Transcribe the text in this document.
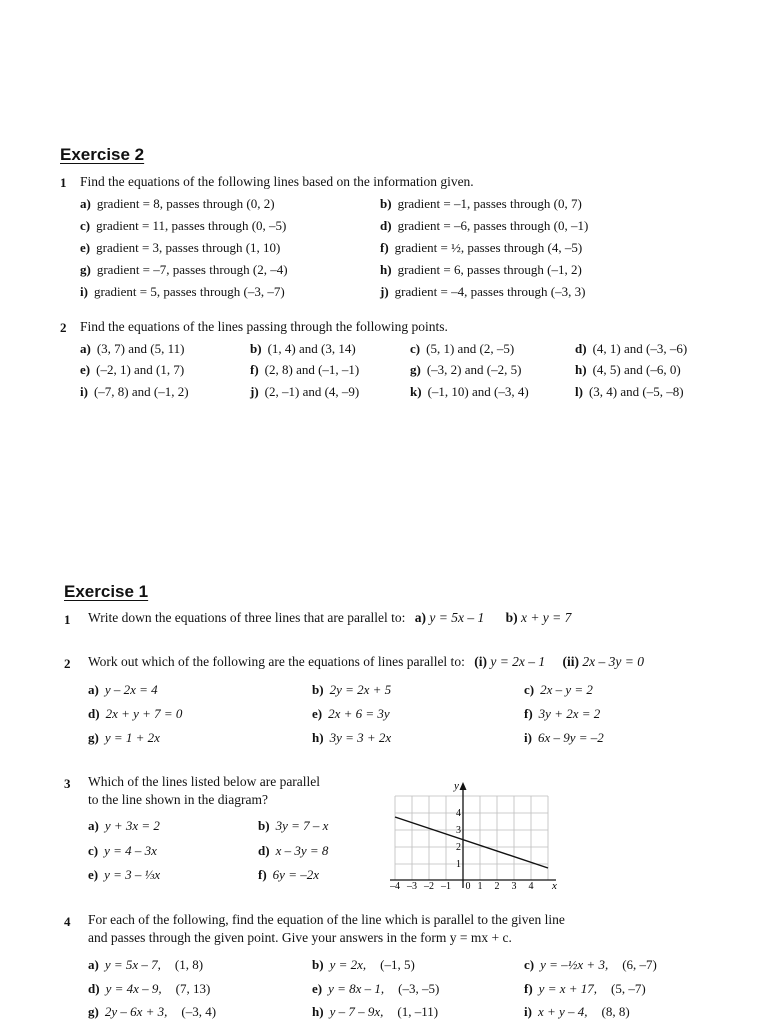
Exercise 2
1 Find the equations of the following lines based on the information given.
a) gradient = 8, passes through (0, 2)	b) gradient = –1, passes through (0, 7)
c) gradient = 11, passes through (0, –5)	d) gradient = –6, passes through (0, –1)
e) gradient = 3, passes through (1, 10)	f) gradient = ½, passes through (4, –5)
g) gradient = –7, passes through (2, –4)	h) gradient = 6, passes through (–1, 2)
i) gradient = 5, passes through (–3, –7)	j) gradient = –4, passes through (–3, 3)
2 Find the equations of the lines passing through the following points.
a) (3, 7) and (5, 11)	b) (1, 4) and (3, 14)	c) (5, 1) and (2, –5)	d) (4, 1) and (–3, –6)
e) (–2, 1) and (1, 7)	f) (2, 8) and (–1, –1)	g) (–3, 2) and (–2, 5)	h) (4, 5) and (–6, 0)
i) (–7, 8) and (–1, 2)	j) (2, –1) and (4, –9)	k) (–1, 10) and (–3, 4)	l) (3, 4) and (–5, –8)
Exercise 1
1 Write down the equations of three lines that are parallel to: a) y = 5x – 1 b) x + y = 7
2 Work out which of the following are the equations of lines parallel to: (i) y = 2x – 1 (ii) 2x – 3y = 0
a) y – 2x = 4	b) 2y = 2x + 5	c) 2x – y = 2
d) 2x + y + 7 = 0	e) 2x + 6 = 3y	f) 3y + 2x = 2
g) y = 1 + 2x	h) 3y = 3 + 2x	i) 6x – 9y = –2
3 Which of the lines listed below are parallel
to the line shown in the diagram?
a) y + 3x = 2	b) 3y = 7 – x
c) y = 4 – 3x	d) x – 3y = 8
e) y = 3 – ⅓x	f) 6y = –2x
y
1
2
3
4
–4 –3 –2 –1 0 1 2 3 4 x
4 For each of the following, find the equation of the line which is parallel to the given line
and passes through the given point. Give your answers in the form y = mx + c.
a) y = 5x – 7, (1, 8)	b) y = 2x, (–1, 5)	c) y = –½x + 3, (6, –7)
d) y = 4x – 9, (7, 13)	e) y = 8x – 1, (–3, –5)	f) y = x + 17, (5, –7)
g) 2y – 6x + 3, (–3, 4)	h) y – 7 – 9x, (1, –11)	i) x + y – 4, (8, 8)
